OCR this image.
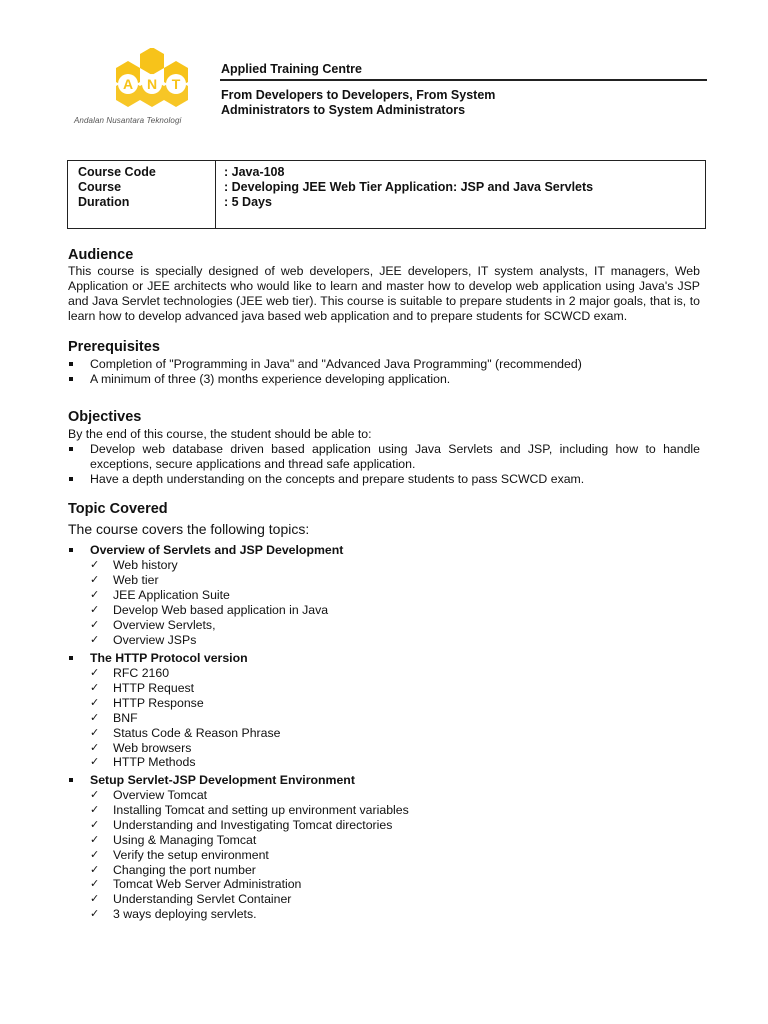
A N T
Andalan Nusantara Teknologi
Applied Training Centre
From Developers to Developers, From System
Administrators to System Administrators
Course Code
Course
Duration
: Java-108
: Developing JEE Web Tier Application: JSP and Java Servlets
: 5 Days
Audience
This course is specially designed of web developers, JEE developers, IT system analysts, IT managers, Web Application or JEE architects who would like to learn and master how to develop web application using Java's JSP and Java Servlet technologies (JEE web tier). This course is suitable to prepare students in 2 major goals, that is, to learn how to develop advanced java based web application and to prepare students for SCWCD exam.
Prerequisites
Completion of "Programming in Java" and "Advanced Java Programming" (recommended)
A minimum of three (3) months experience developing application.
Objectives
By the end of this course, the student should be able to:
Develop web database driven based application using Java Servlets and JSP, including how to handle exceptions, secure applications and thread safe application.
Have a depth understanding on the concepts and prepare students to pass SCWCD exam.
Topic Covered
The course covers the following topics:
Overview of Servlets and JSP Development
✓ Web history
✓ Web tier
✓ JEE Application Suite
✓ Develop Web based application in Java
✓ Overview Servlets,
✓ Overview JSPs
The HTTP Protocol version
✓ RFC 2160
✓ HTTP Request
✓ HTTP Response
✓ BNF
✓ Status Code & Reason Phrase
✓ Web browsers
✓ HTTP Methods
Setup Servlet-JSP Development Environment
✓ Overview Tomcat
✓ Installing Tomcat and setting up environment variables
✓ Understanding and Investigating Tomcat directories
✓ Using & Managing Tomcat
✓ Verify the setup environment
✓ Changing the port number
✓ Tomcat Web Server Administration
✓ Understanding Servlet Container
✓ 3 ways deploying servlets.
